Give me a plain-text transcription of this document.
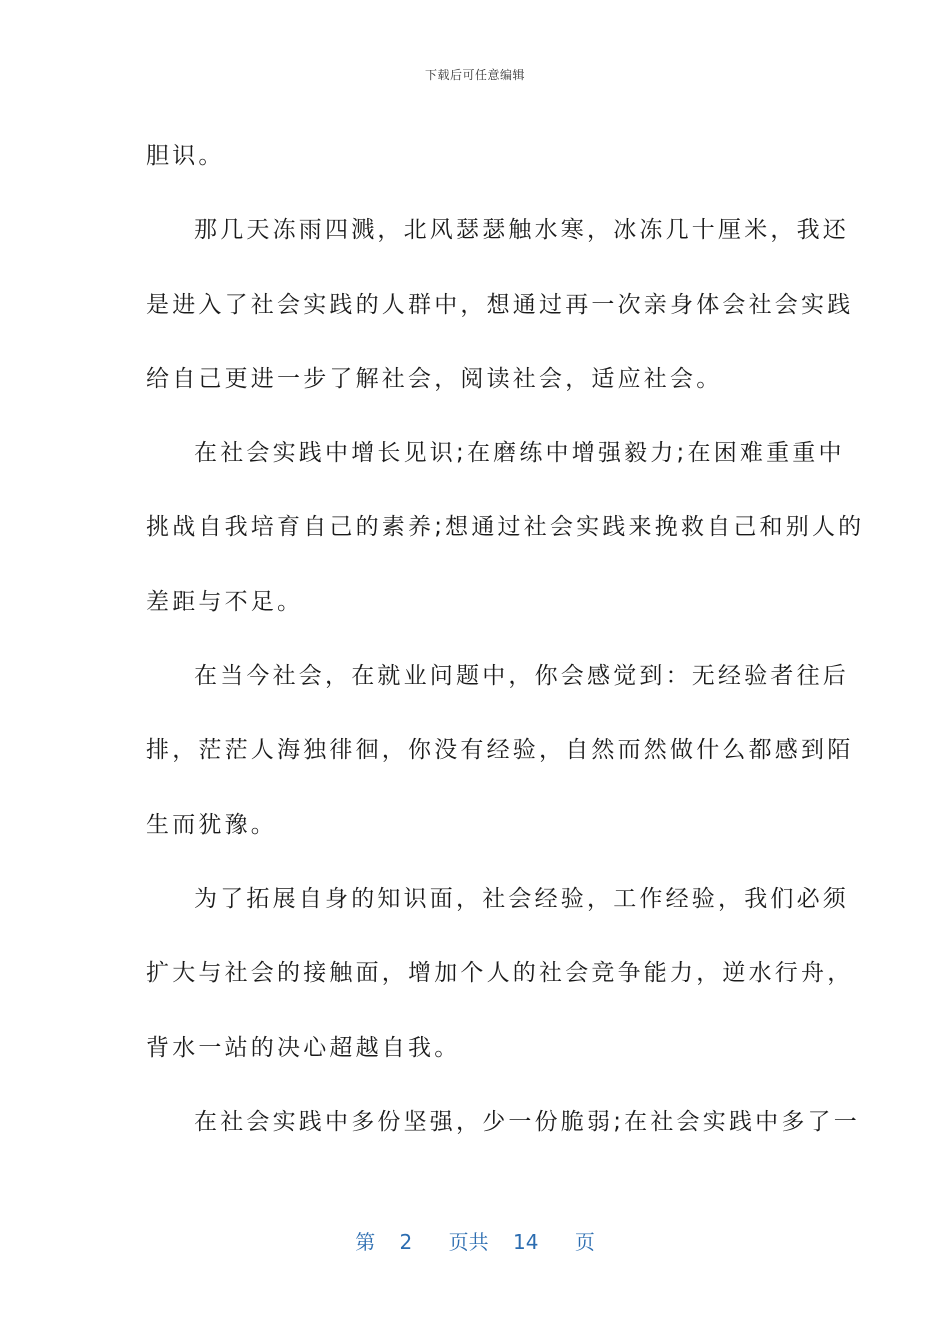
下载后可任意编辑
胆识。
那几天冻雨四溅，北风瑟瑟触水寒，冰冻几十厘米，我还
是进入了社会实践的人群中，想通过再一次亲身体会社会实践
给自己更进一步了解社会，阅读社会，适应社会。
在社会实践中增长见识;在磨练中增强毅力;在困难重重中
挑战自我培育自己的素养;想通过社会实践来挽救自己和别人的
差距与不足。
在当今社会，在就业问题中，你会感觉到：无经验者往后
排，茫茫人海独徘徊，你没有经验，自然而然做什么都感到陌
生而犹豫。
为了拓展自身的知识面，社会经验，工作经验，我们必须
扩大与社会的接触面，增加个人的社会竞争能力，逆水行舟，
背水一站的决心超越自我。
在社会实践中多份坚强，少一份脆弱;在社会实践中多了一
第 2 页共 14 页
